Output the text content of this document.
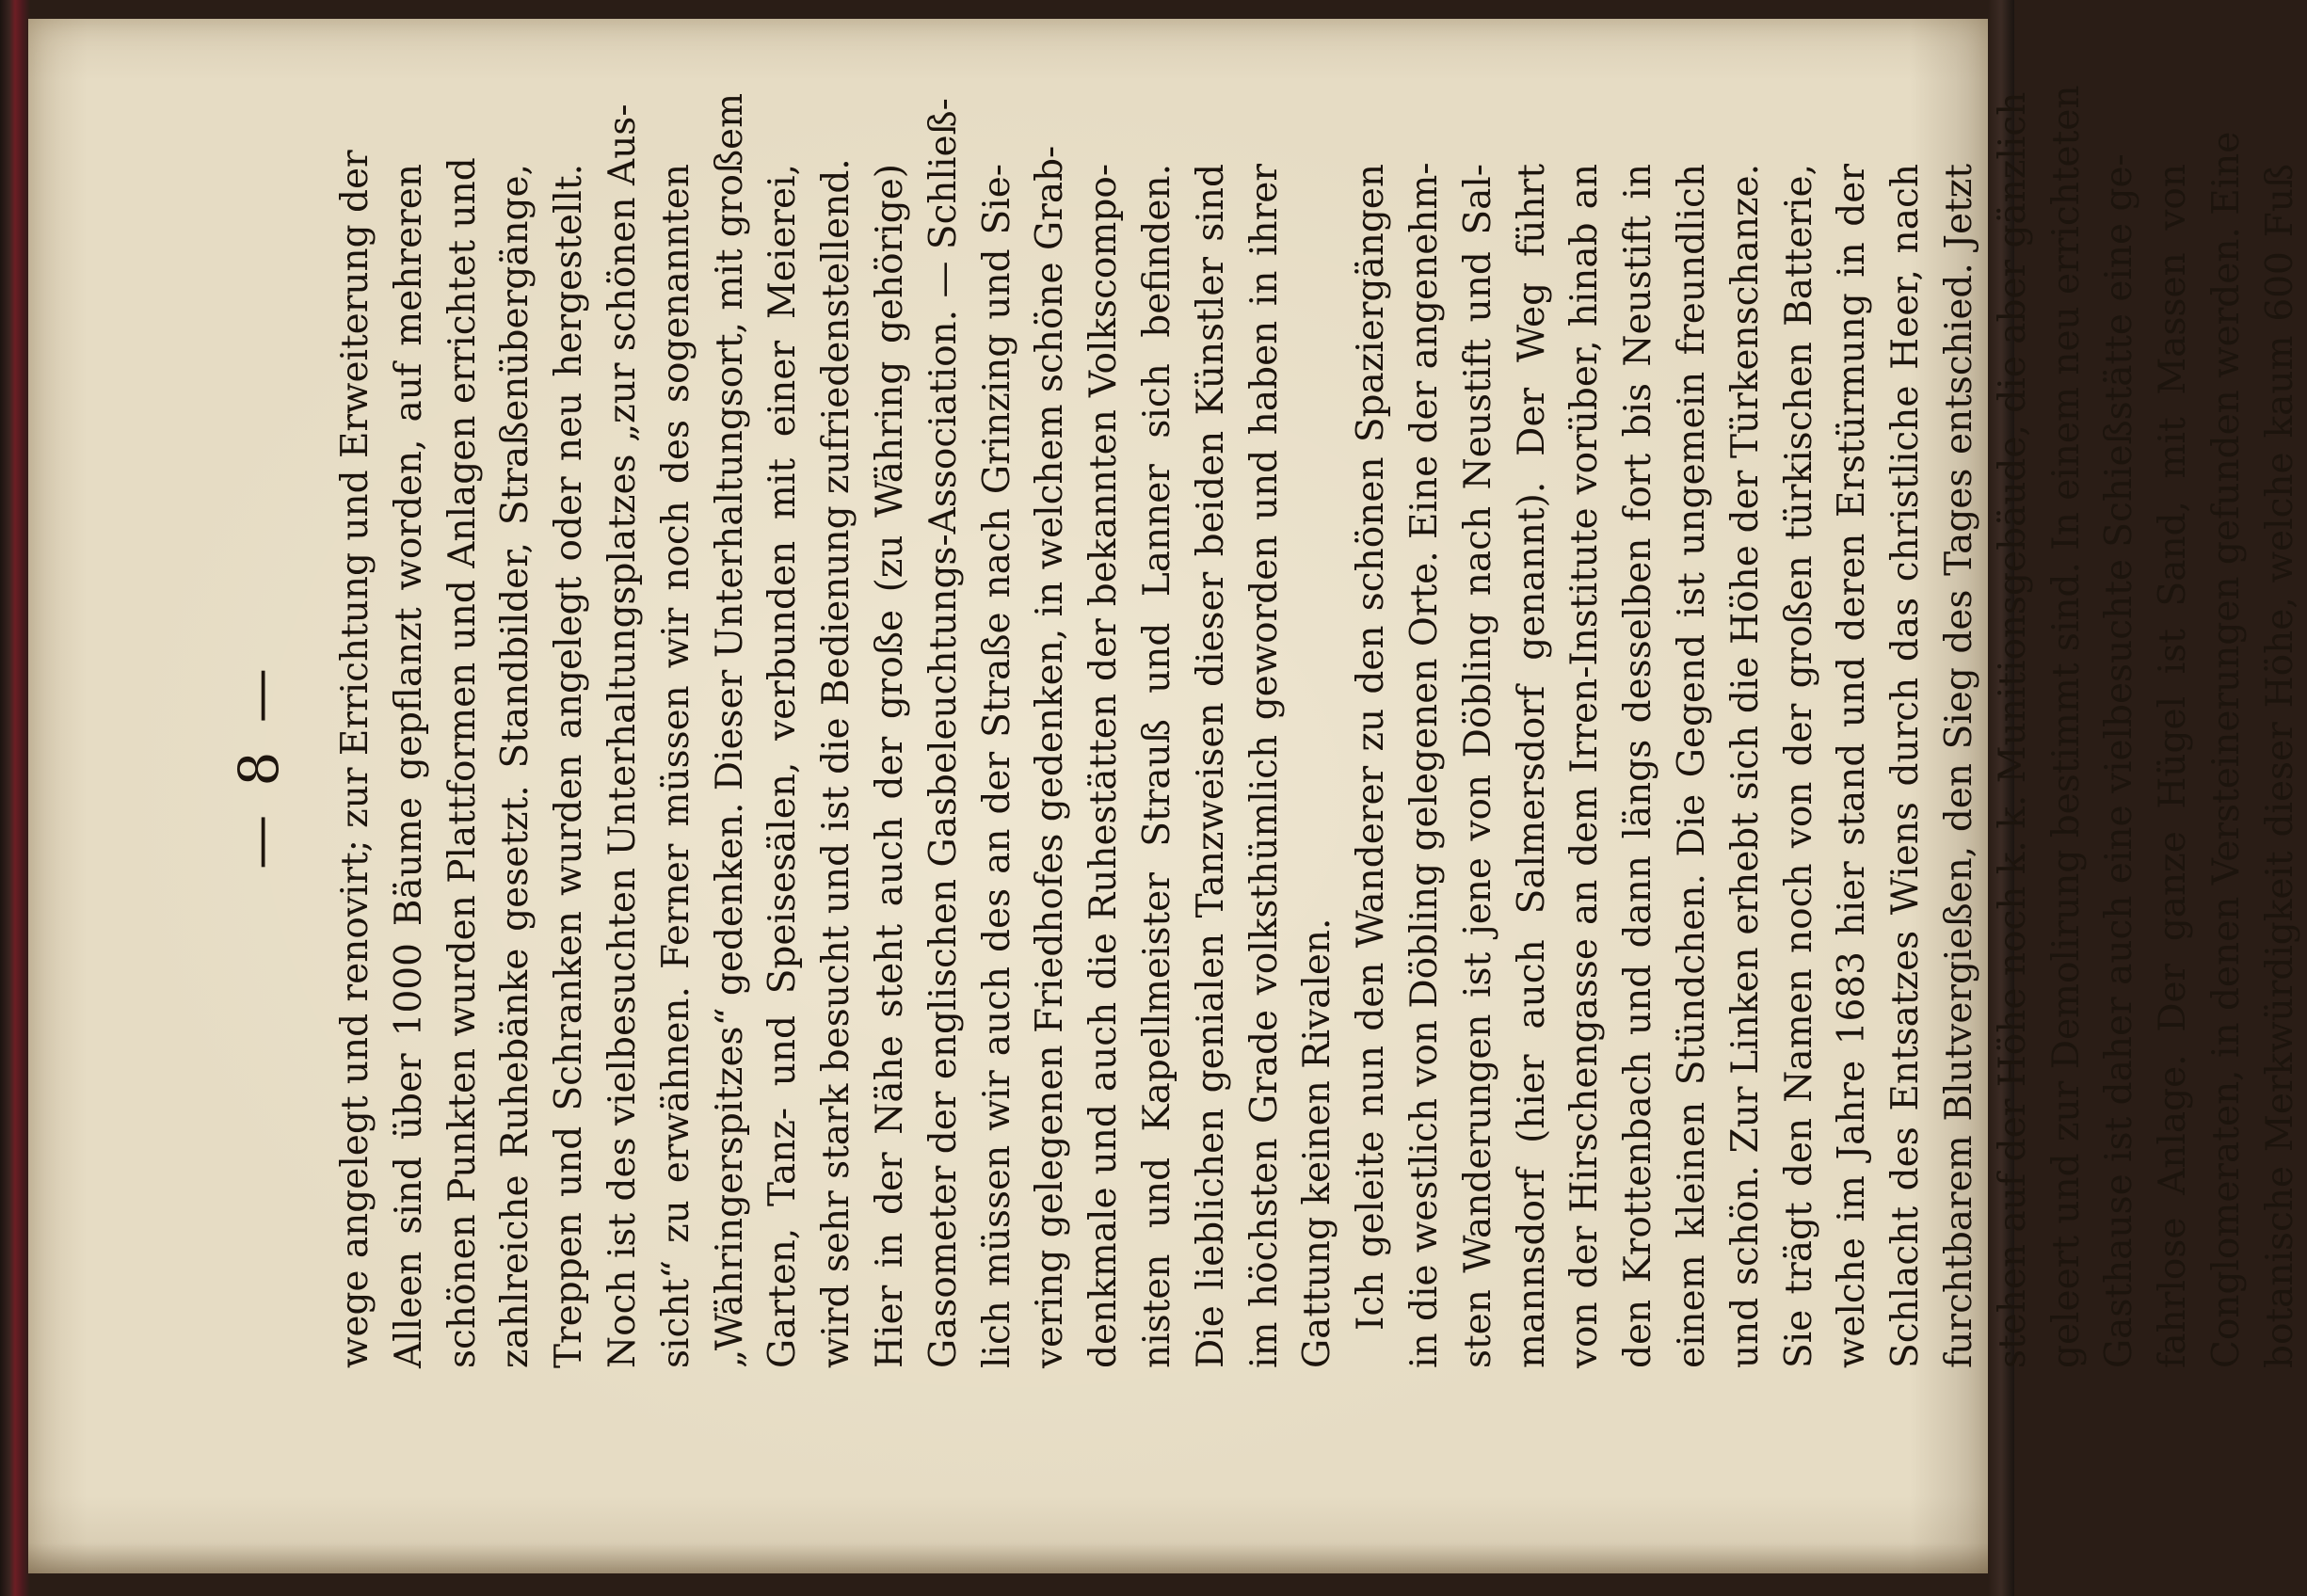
— 8 — wege angelegt und renovirt; zur Errichtung und Erweiterung der Alleen sind über 1000 Bäume gepflanzt worden, auf mehreren schönen Punkten wurden Plattformen und Anlagen errichtet und zahlreiche Ruhebänke gesetzt. Standbilder, Straßenübergänge, Treppen und Schranken wurden angelegt oder neu hergestellt. Noch ist des vielbesuchten Unterhaltungsplatzes „zur schönen Aus- sicht“ zu erwähnen. Ferner müssen wir noch des sogenannten „Währingerspitzes“ gedenken. Dieser Unterhaltungsort, mit großem Garten, Tanz- und Speisesälen, verbunden mit einer Meierei, wird sehr stark besucht und ist die Bedienung zufriedenstellend. Hier in der Nähe steht auch der große (zu Währing gehörige) Gasometer der englischen Gasbeleuchtungs-Association. — Schließ- lich müssen wir auch des an der Straße nach Grinzing und Sie- vering gelegenen Friedhofes gedenken, in welchem schöne Grab- denkmale und auch die Ruhestätten der bekannten Volkscompo- nisten und Kapellmeister Strauß und Lanner sich befinden. Die lieblichen genialen Tanzweisen dieser beiden Künstler sind im höchsten Grade volksthümlich geworden und haben in ihrer Gattung keinen Rivalen. Ich geleite nun den Wanderer zu den schönen Spaziergängen in die westlich von Döbling gelegenen Orte. Eine der angenehm- sten Wanderungen ist jene von Döbling nach Neustift und Sal- mannsdorf (hier auch Salmersdorf genannt). Der Weg führt von der Hirschengasse an dem Irren-Institute vorüber, hinab an den Krottenbach und dann längs desselben fort bis Neustift in einem kleinen Stündchen. Die Gegend ist ungemein freundlich und schön. Zur Linken erhebt sich die Höhe der Türkenschanze. Sie trägt den Namen noch von der großen türkischen Batterie, welche im Jahre 1683 hier stand und deren Erstürmung in der Schlacht des Entsatzes Wiens durch das christliche Heer, nach furchtbarem Blutvergießen, den Sieg des Tages entschied. Jetzt stehen auf der Höhe noch k. k. Munitionsgebäude, die aber gänzlich geleert und zur Demolirung bestimmt sind. In einem neu errichteten Gasthause ist daher auch eine vielbesuchte Schießstätte eine ge- fahrlose Anlage. Der ganze Hügel ist Sand, mit Massen von Conglomeraten, in denen Versteinerungen gefunden werden. Eine botanische Merkwürdigkeit dieser Höhe, welche kaum 600 Fuß
